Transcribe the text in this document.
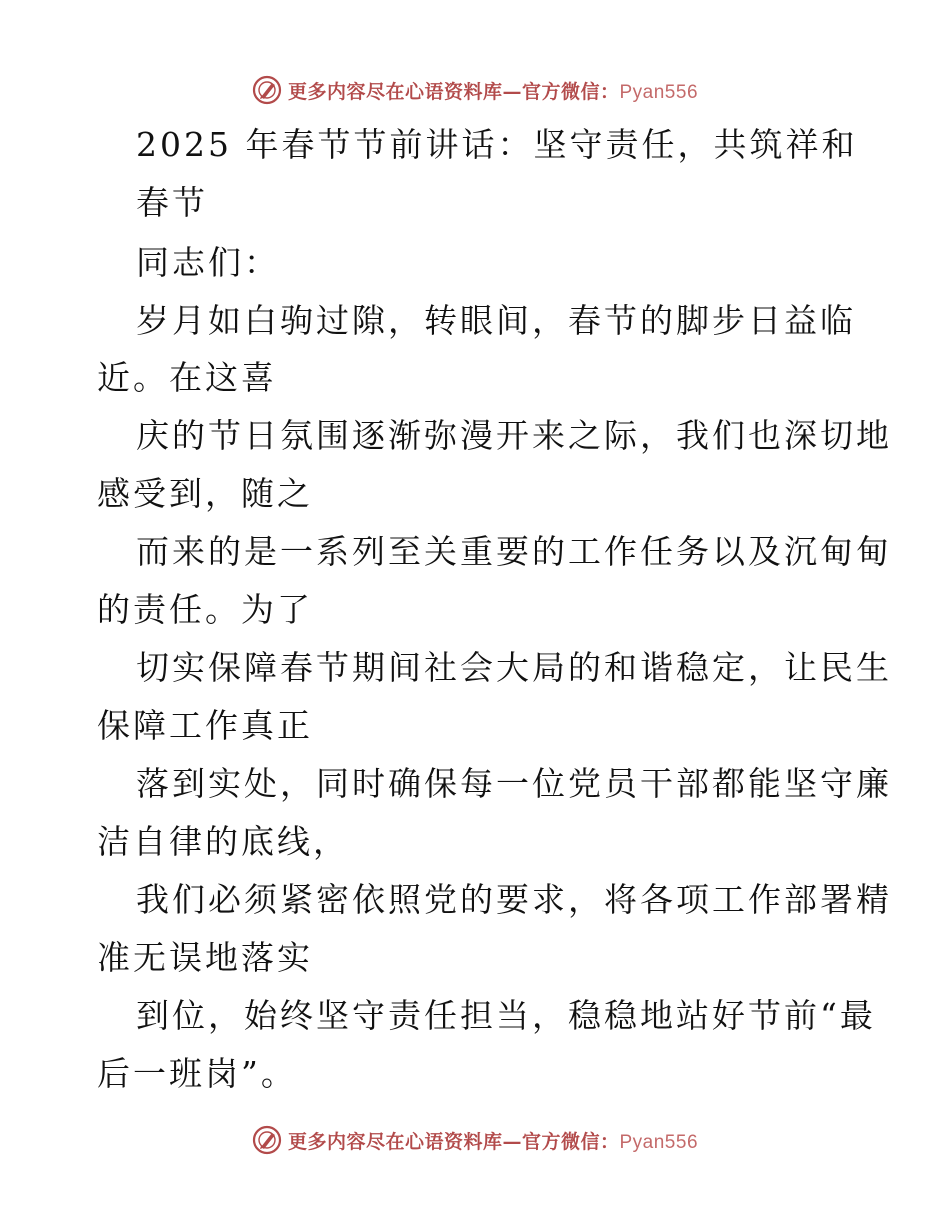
更多内容尽在心语资料库—官方微信：Pyan556
2025 年春节节前讲话：坚守责任，共筑祥和
春节
同志们：
岁月如白驹过隙，转眼间，春节的脚步日益临
近。在这喜
庆的节日氛围逐渐弥漫开来之际，我们也深切地
感受到，随之
而来的是一系列至关重要的工作任务以及沉甸甸
的责任。为了
切实保障春节期间社会大局的和谐稳定，让民生
保障工作真正
落到实处，同时确保每一位党员干部都能坚守廉
洁自律的底线，
我们必须紧密依照党的要求，将各项工作部署精
准无误地落实
到位，始终坚守责任担当，稳稳地站好节前“最
后一班岗”。
更多内容尽在心语资料库—官方微信：Pyan556
